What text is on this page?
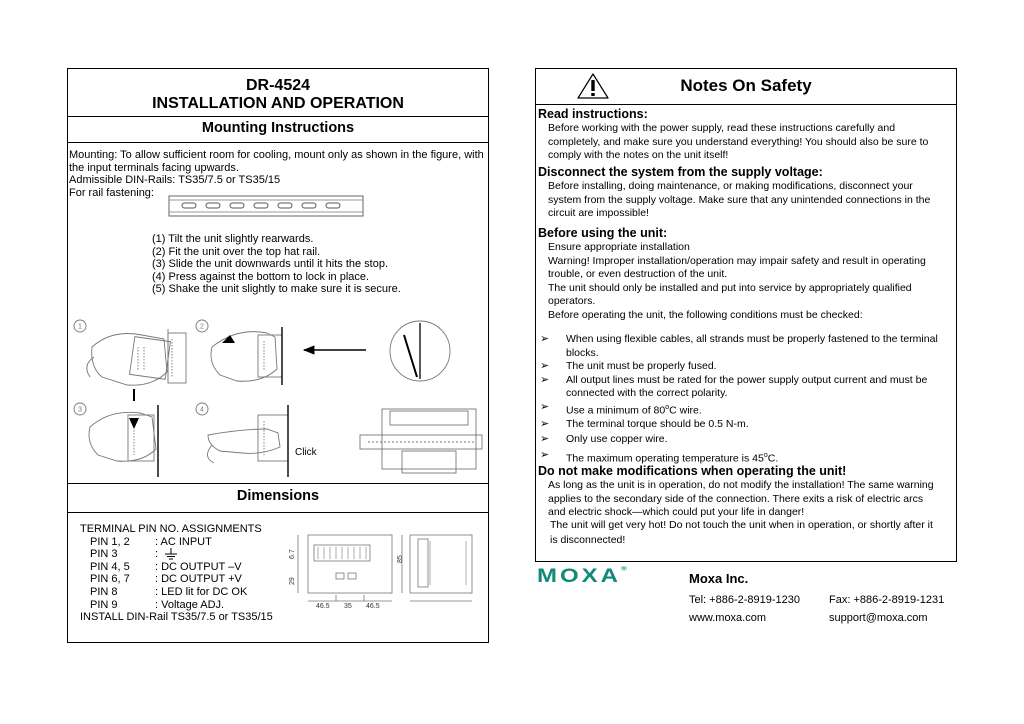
DR-4524
INSTALLATION AND OPERATION
Mounting Instructions
Mounting: To allow sufficient room for cooling, mount only as shown in the figure, with
the input terminals facing upwards.
Admissible DIN-Rails: TS35/7.5 or TS35/15
For rail fastening:
(1) Tilt the unit slightly rearwards.
(2) Fit the unit over the top hat rail.
(3) Slide the unit downwards until it hits the stop.
(4) Press against the bottom to lock in place.
(5) Shake the unit slightly to make sure it is secure.
1	2
3	4
Click
Dimensions
TERMINAL PIN NO. ASSIGNMENTS
PIN 1, 2 : AC INPUT
PIN 3	:
PIN 4, 5 : DC OUTPUT –V
PIN 6, 7 : DC OUTPUT +V
PIN 8	: LED lit for DC OK
PIN 9	: Voltage ADJ.
INSTALL DIN-Rail TS35/7.5 or TS35/15
46.5 35 46.5
6.7
29
85
Notes On Safety
Read instructions:
Before working with the power supply, read these instructions carefully and
completely, and make sure you understand everything! You should also be sure to
comply with the notes on the unit itself!
Disconnect the system from the supply voltage:
Before installing, doing maintenance, or making modifications, disconnect your
system from the supply voltage. Make sure that any unintended connections in the
circuit are impossible!
Before using the unit:
Ensure appropriate installation
Warning! Improper installation/operation may impair safety and result in operating
trouble, or even destruction of the unit.
The unit should only be installed and put into service by appropriately qualified
operators.
Before operating the unit, the following conditions must be checked:
➢ When using flexible cables, all strands must be properly fastened to the terminal
blocks.
➢ The unit must be properly fused.
➢ All output lines must be rated for the power supply output current and must be
connected with the correct polarity.
➢ Use a minimum of 80$^o$C wire.
➢ The terminal torque should be 0.5 N-m.
➢ Only use copper wire.
➢ The maximum operating temperature is 45$^o$C.
Do not make modifications when operating the unit!
As long as the unit is in operation, do not modify the installation! The same warning
applies to the secondary side of the connection. There exits a risk of electric arcs
and electric shock—which could put your life in danger!
The unit will get very hot! Do not touch the unit when in operation, or shortly after it
is disconnected!
MOXA®
Moxa Inc.
Tel: +886-2-8919-1230	Fax: +886-2-8919-1231
www.moxa.com	support@moxa.com
